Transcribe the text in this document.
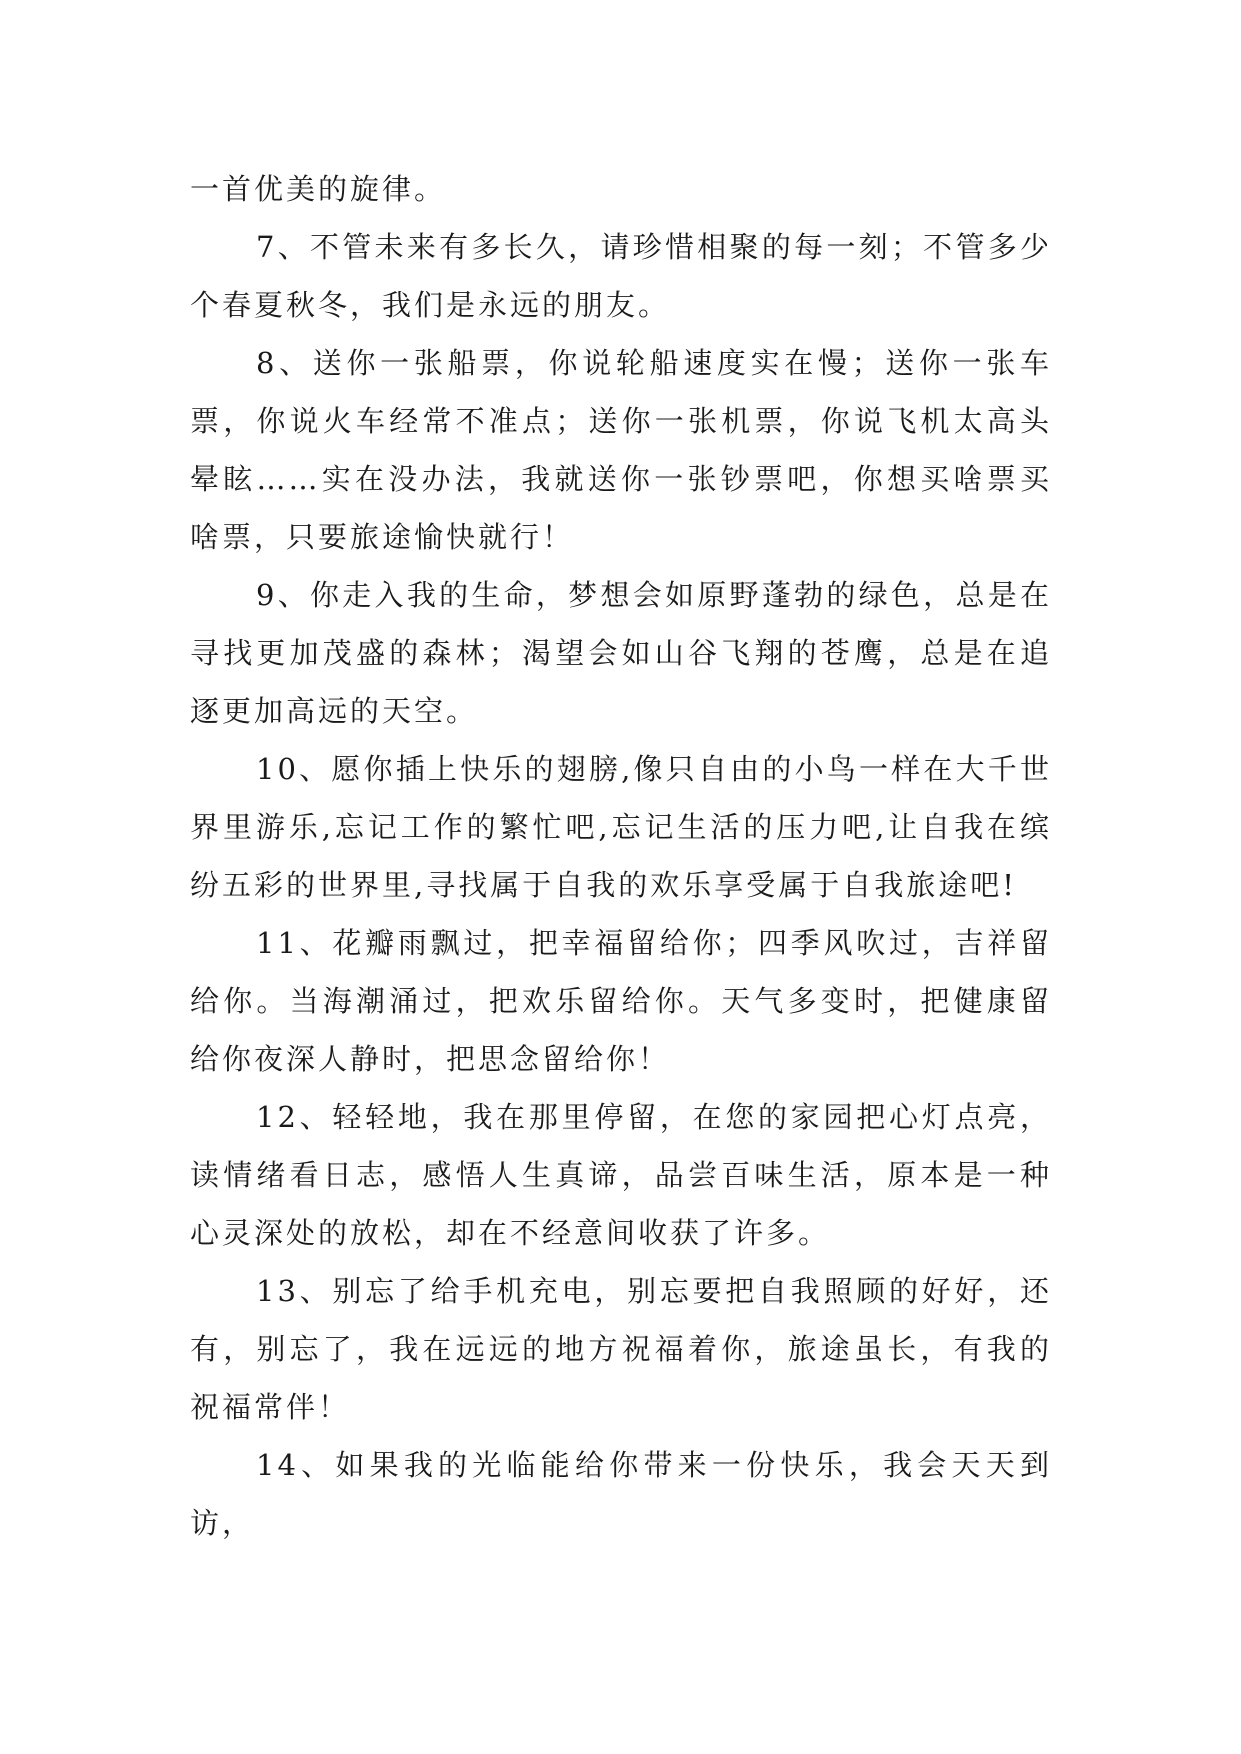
一首优美的旋律。

7、不管未来有多长久，请珍惜相聚的每一刻；不管多少个春夏秋冬，我们是永远的朋友。

8、送你一张船票，你说轮船速度实在慢；送你一张车票，你说火车经常不准点；送你一张机票，你说飞机太高头晕眩……实在没办法，我就送你一张钞票吧，你想买啥票买啥票，只要旅途愉快就行！

9、你走入我的生命，梦想会如原野蓬勃的绿色，总是在寻找更加茂盛的森林；渴望会如山谷飞翔的苍鹰，总是在追逐更加高远的天空。

10、愿你插上快乐的翅膀,像只自由的小鸟一样在大千世界里游乐,忘记工作的繁忙吧,忘记生活的压力吧,让自我在缤纷五彩的世界里,寻找属于自我的欢乐享受属于自我旅途吧!

11、花瓣雨飘过，把幸福留给你；四季风吹过，吉祥留给你。当海潮涌过，把欢乐留给你。天气多变时，把健康留给你夜深人静时，把思念留给你！

12、轻轻地，我在那里停留，在您的家园把心灯点亮，读情绪看日志，感悟人生真谛，品尝百味生活，原本是一种心灵深处的放松，却在不经意间收获了许多。

13、别忘了给手机充电，别忘要把自我照顾的好好，还有，别忘了，我在远远的地方祝福着你，旅途虽长，有我的祝福常伴！

14、如果我的光临能给你带来一份快乐，我会天天到访，
